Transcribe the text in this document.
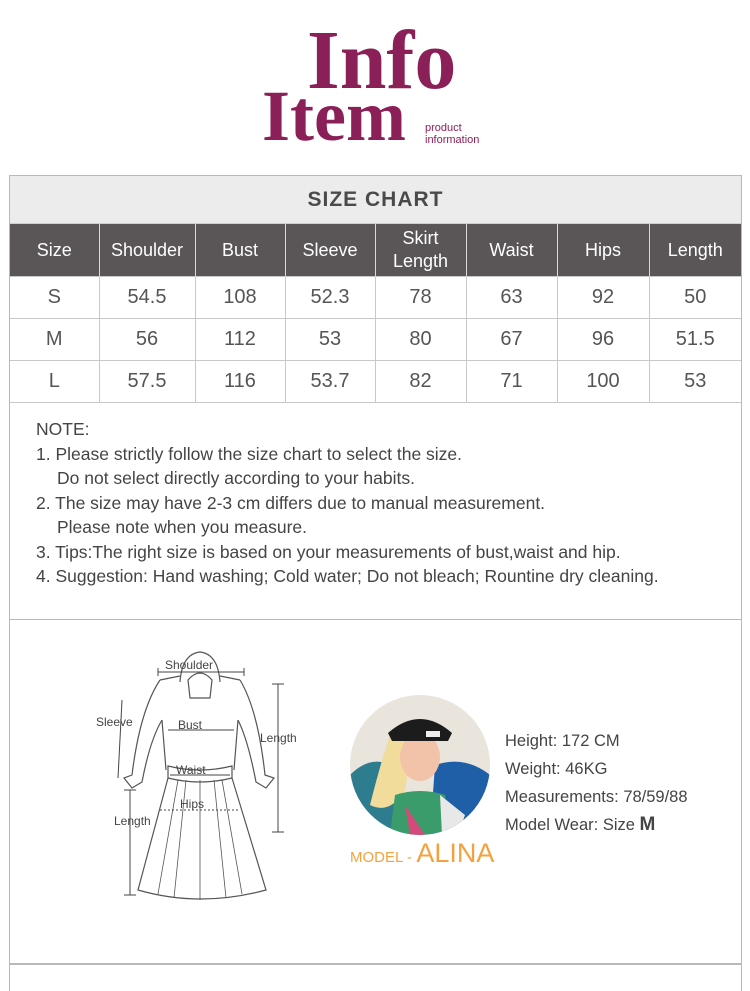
Info
Item product
information
SIZE CHART
Size	Shoulder	Bust	Sleeve	Skirt Length	Waist	Hips	Length
S	54.5	108	52.3	78	63	92	50
M	56	112	53	80	67	96	51.5
L	57.5	116	53.7	82	71	100	53
NOTE:
1. Please strictly follow the size chart to select the size.
Do not select directly according to your habits.
2. The size may have 2-3 cm differs due to manual measurement.
Please note when you measure.
3. Tips:The right size is based on your measurements of bust,waist and hip.
4. Suggestion: Hand washing; Cold water; Do not bleach; Rountine dry cleaning.
Shoulder
Sleeve	Bust
Length
Waist
Hips
Length
MODEL - ALINA
Height: 172 CM
Weight: 46KG
Measurements: 78/59/88
Model Wear: Size M
